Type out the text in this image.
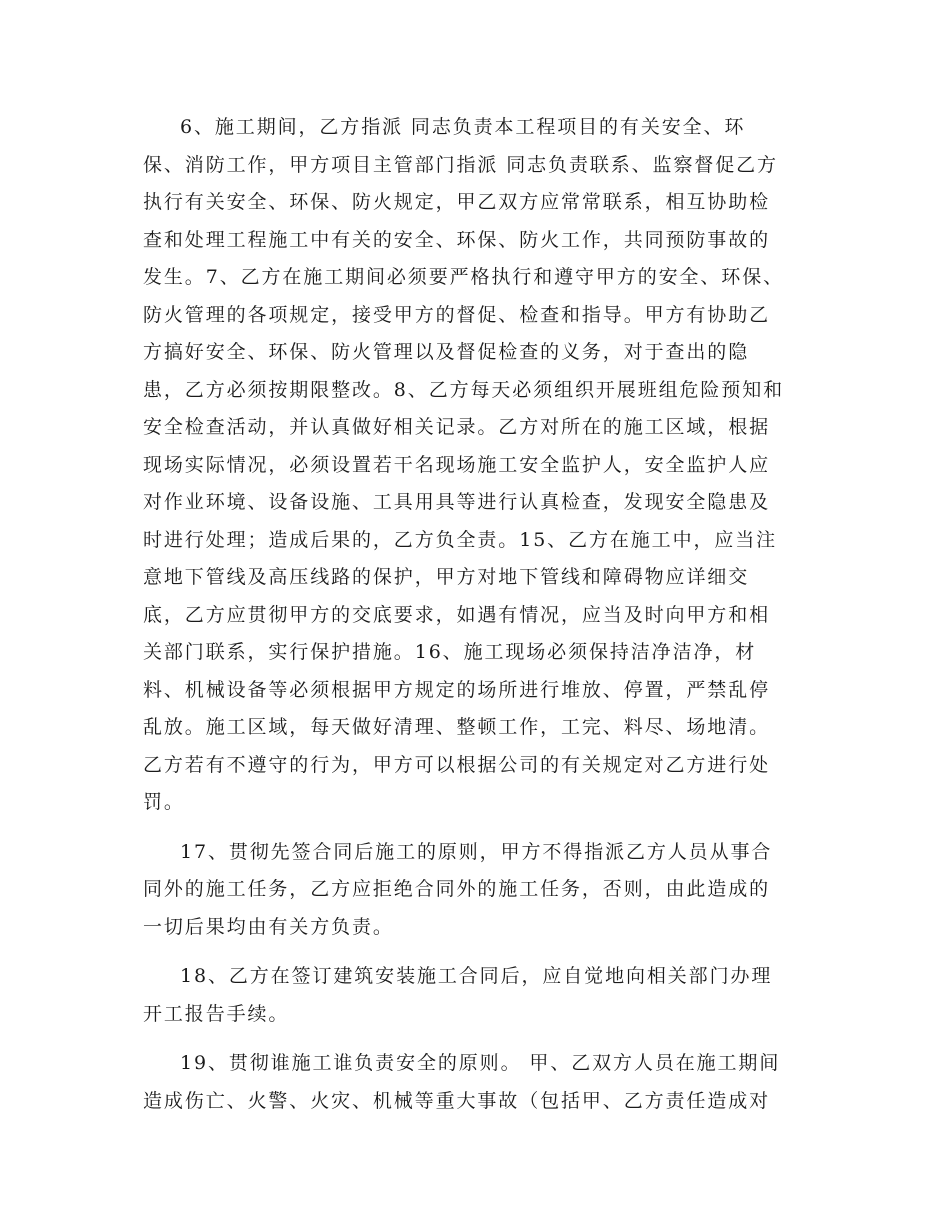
6、施工期间，乙方指派 同志负责本工程项目的有关安全、环

保、消防工作，甲方项目主管部门指派 同志负责联系、监察督促乙方

执行有关安全、环保、防火规定，甲乙双方应常常联系，相互协助检

查和处理工程施工中有关的安全、环保、防火工作，共同预防事故的

发生。7、乙方在施工期间必须要严格执行和遵守甲方的安全、环保、

防火管理的各项规定，接受甲方的督促、检查和指导。甲方有协助乙

方搞好安全、环保、防火管理以及督促检查的义务，对于查出的隐

患，乙方必须按期限整改。8、乙方每天必须组织开展班组危险预知和

安全检查活动，并认真做好相关记录。乙方对所在的施工区域，根据

现场实际情况，必须设置若干名现场施工安全监护人，安全监护人应

对作业环境、设备设施、工具用具等进行认真检查，发现安全隐患及

时进行处理；造成后果的，乙方负全责。15、乙方在施工中，应当注

意地下管线及高压线路的保护，甲方对地下管线和障碍物应详细交

底，乙方应贯彻甲方的交底要求，如遇有情况，应当及时向甲方和相

关部门联系，实行保护措施。16、施工现场必须保持洁净洁净，材

料、机械设备等必须根据甲方规定的场所进行堆放、停置，严禁乱停

乱放。施工区域，每天做好清理、整顿工作，工完、料尽、场地清。

乙方若有不遵守的行为，甲方可以根据公司的有关规定对乙方进行处

罚。

17、贯彻先签合同后施工的原则，甲方不得指派乙方人员从事合

同外的施工任务，乙方应拒绝合同外的施工任务，否则，由此造成的

一切后果均由有关方负责。

18、乙方在签订建筑安装施工合同后，应自觉地向相关部门办理

开工报告手续。

19、贯彻谁施工谁负责安全的原则。 甲、乙双方人员在施工期间

造成伤亡、火警、火灾、机械等重大事故（包括甲、乙方责任造成对
